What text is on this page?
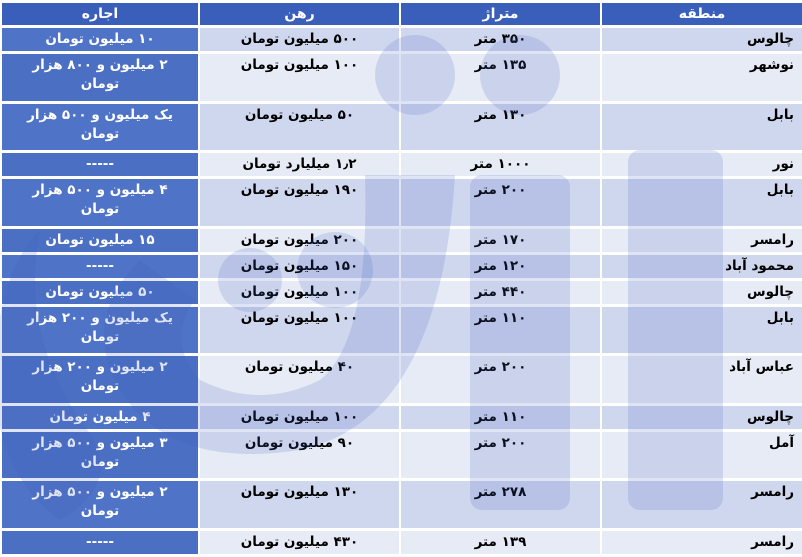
منطقه	متراژ	رهن	اجاره
چالوس	۳۵۰ متر	۵۰۰ میلیون تومان	۱۰ میلیون تومان
نوشهر	۱۳۵ متر	۱۰۰ میلیون تومان	۲ میلیون و ۸۰۰ هزار
تومان
بابل	۱۳۰ متر	۵۰ میلیون تومان	یک میلیون و ۵۰۰ هزار
تومان
نور	۱۰۰۰ متر	۱٫۲ میلیارد تومان	-----
بابل	۲۰۰ متر	۱۹۰ میلیون تومان	۴ میلیون و ۵۰۰ هزار
تومان
رامسر	۱۷۰ متر	۲۰۰ میلیون تومان	۱۵ میلیون تومان
محمود آباد	۱۲۰ متر	۱۵۰ میلیون تومان	-----
چالوس	۴۴۰ متر	۱۰۰ میلیون تومان	۵۰ میلیون تومان
بابل	۱۱۰ متر	۱۰۰ میلیون تومان	یک میلیون و ۲۰۰ هزار
تومان
عباس آباد	۲۰۰ متر	۴۰ میلیون تومان	۲ میلیون و ۲۰۰ هزار
تومان
چالوس	۱۱۰ متر	۱۰۰ میلیون تومان	۴ میلیون تومان
آمل	۲۰۰ متر	۹۰ میلیون تومان	۳ میلیون و ۵۰۰ هزار
تومان
رامسر	۲۷۸ متر	۱۳۰ میلیون تومان	۲ میلیون و ۵۰۰ هزار
تومان
رامسر	۱۳۹ متر	۴۳۰ میلیون تومان	-----
